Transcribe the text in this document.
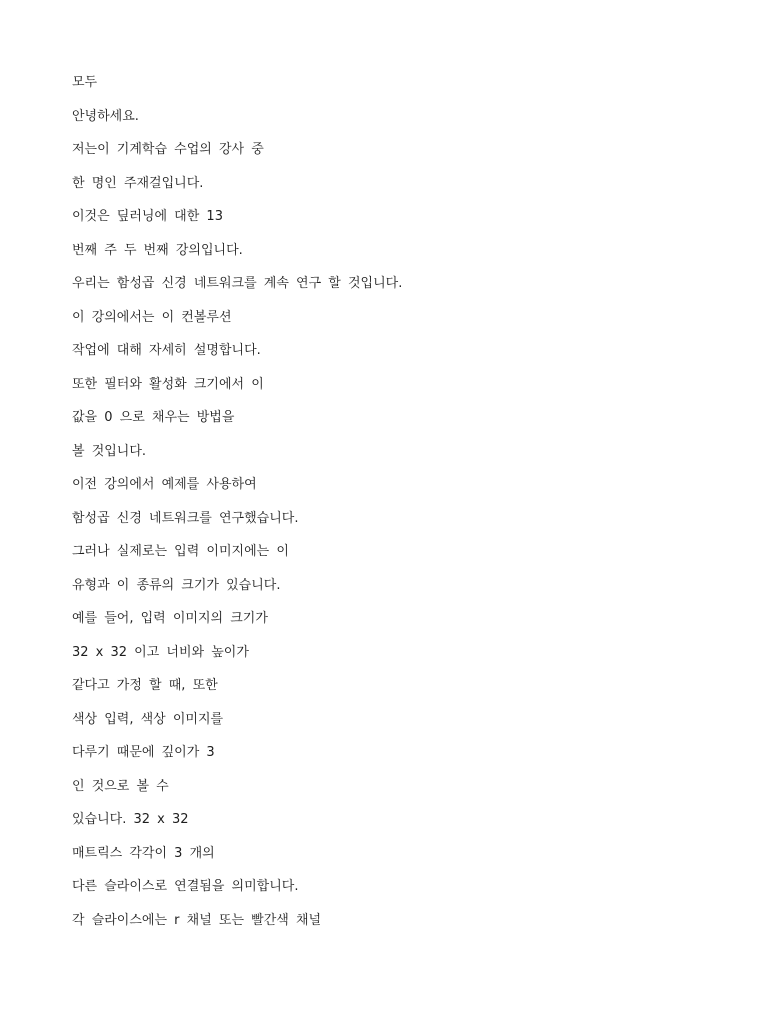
모두
안녕하세요.
저는이 기계학습 수업의 강사 중
한 명인 주재걸입니다.
이것은 딮러닝에 대한 13
번째 주 두 번째 강의입니다.
우리는 함성곱 신경 네트워크를 계속 연구 할 것입니다.
이 강의에서는 이 컨볼루션
작업에 대해 자세히 설명합니다.
또한 필터와 활성화 크기에서 이
값을 0 으로 채우는 방법을
볼 것입니다.
이전 강의에서 예제를 사용하여
함성곱 신경 네트워크를 연구했습니다.
그러나 실제로는 입력 이미지에는 이
유형과 이 종류의 크기가 있습니다.
예를 들어, 입력 이미지의 크기가
32 x 32 이고 너비와 높이가
같다고 가정 할 때, 또한
색상 입력, 색상 이미지를
다루기 때문에 깊이가 3
인 것으로 볼 수
있습니다. 32 x 32
매트릭스 각각이 3 개의
다른 슬라이스로 연결됨을 의미합니다.
각 슬라이스에는 r 채널 또는 빨간색 채널
